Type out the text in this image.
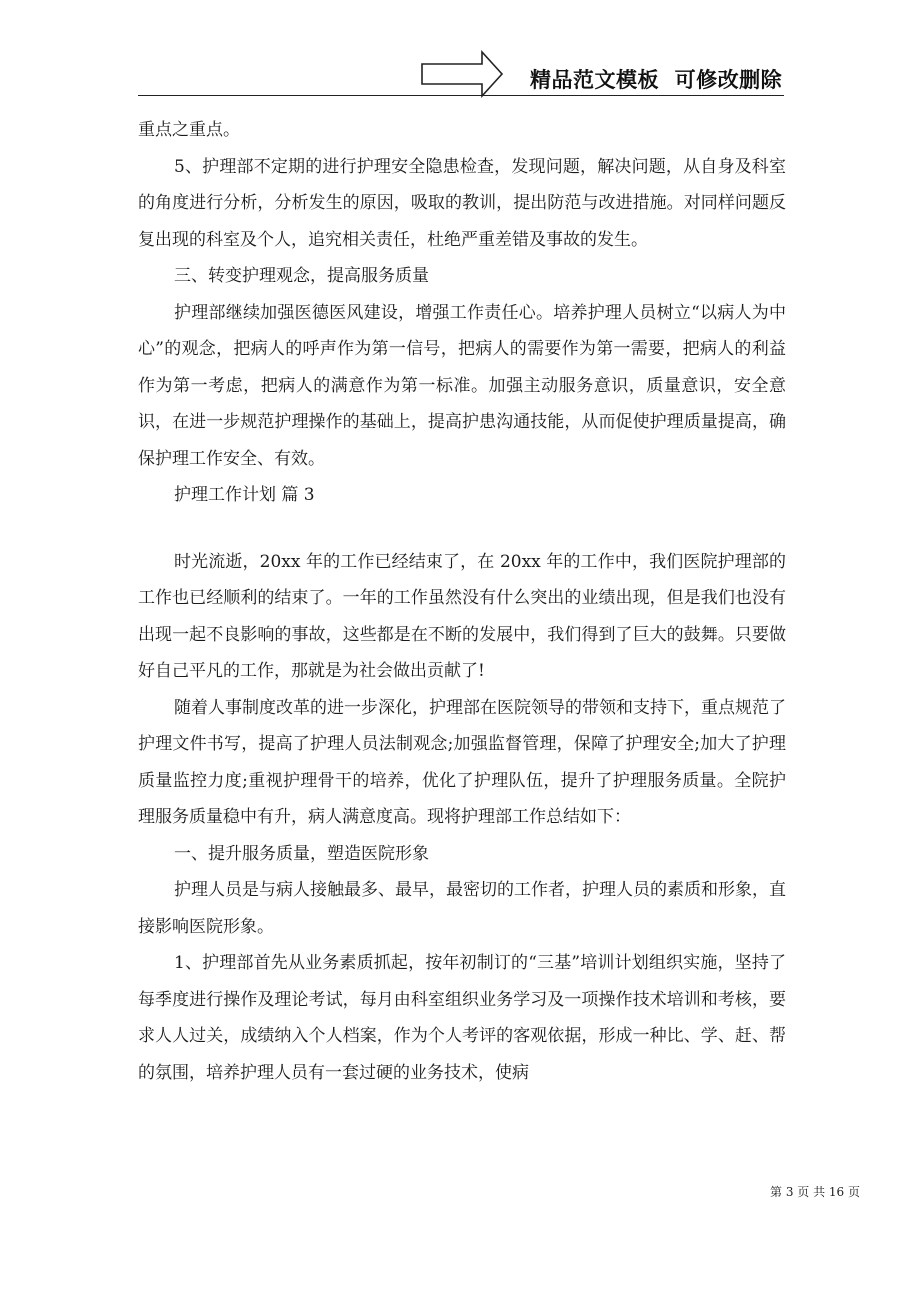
精品范文模板  可修改删除

重点之重点。

5、护理部不定期的进行护理安全隐患检查，发现问题，解决问题，从自身及科室的角度进行分析，分析发生的原因，吸取的教训，提出防范与改进措施。对同样问题反复出现的科室及个人，追究相关责任，杜绝严重差错及事故的发生。

三、转变护理观念，提高服务质量

护理部继续加强医德医风建设，增强工作责任心。培养护理人员树立“以病人为中心”的观念，把病人的呼声作为第一信号，把病人的需要作为第一需要，把病人的利益作为第一考虑，把病人的满意作为第一标准。加强主动服务意识，质量意识，安全意识，在进一步规范护理操作的基础上，提高护患沟通技能，从而促使护理质量提高，确保护理工作安全、有效。

护理工作计划 篇 3

时光流逝，20xx 年的工作已经结束了，在 20xx 年的工作中，我们医院护理部的工作也已经顺利的结束了。一年的工作虽然没有什么突出的业绩出现，但是我们也没有出现一起不良影响的事故，这些都是在不断的发展中，我们得到了巨大的鼓舞。只要做好自己平凡的工作，那就是为社会做出贡献了!

随着人事制度改革的进一步深化，护理部在医院领导的带领和支持下，重点规范了护理文件书写，提高了护理人员法制观念;加强监督管理，保障了护理安全;加大了护理质量监控力度;重视护理骨干的培养，优化了护理队伍，提升了护理服务质量。全院护理服务质量稳中有升，病人满意度高。现将护理部工作总结如下：

一、提升服务质量，塑造医院形象

护理人员是与病人接触最多、最早，最密切的工作者，护理人员的素质和形象，直接影响医院形象。

1、护理部首先从业务素质抓起，按年初制订的“三基”培训计划组织实施，坚持了每季度进行操作及理论考试，每月由科室组织业务学习及一项操作技术培训和考核，要求人人过关，成绩纳入个人档案，作为个人考评的客观依据，形成一种比、学、赶、帮的氛围，培养护理人员有一套过硬的业务技术，使病

第 3 页 共 16 页
